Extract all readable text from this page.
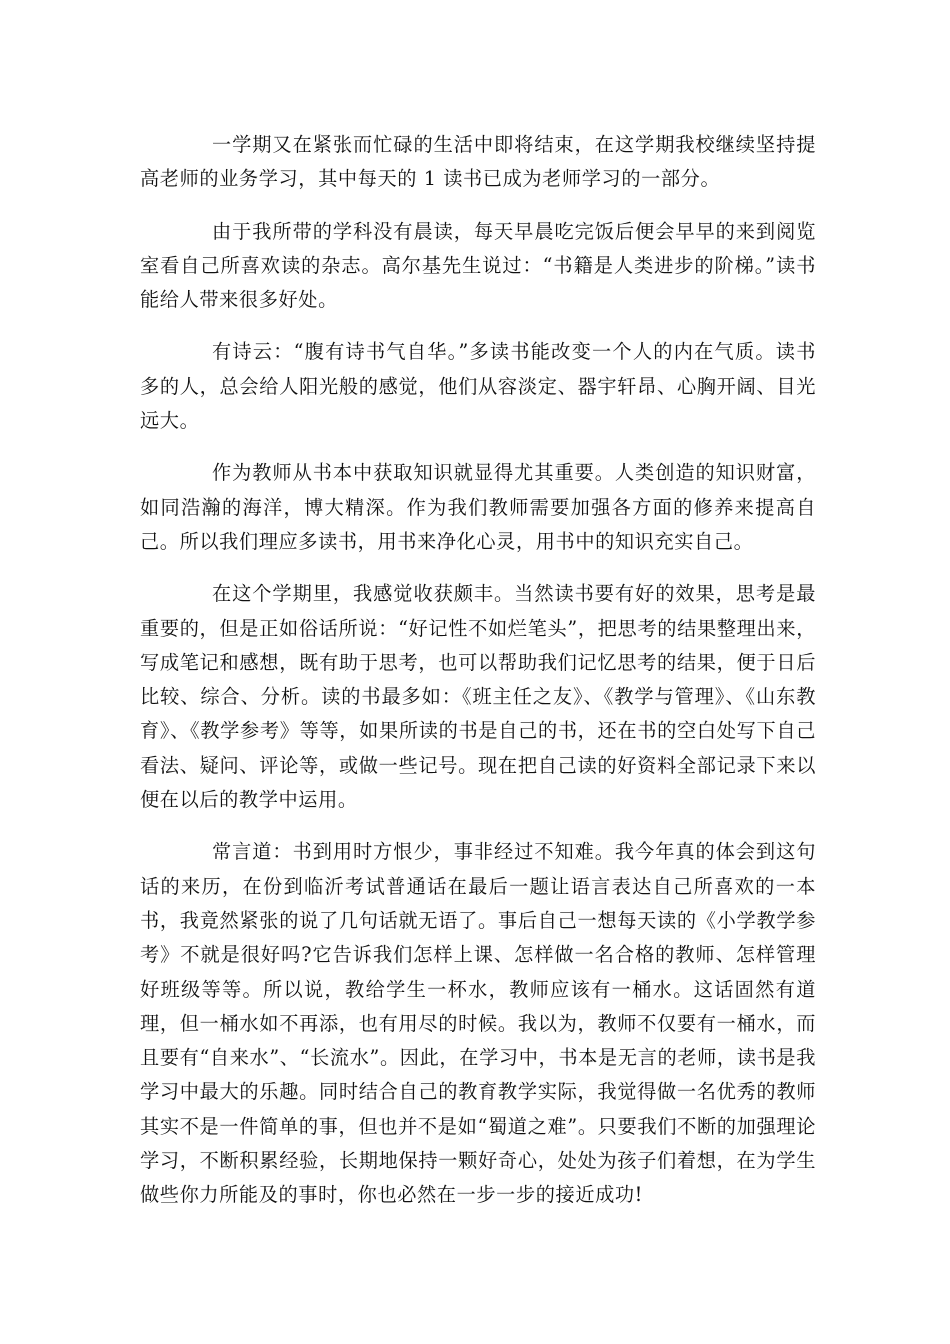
一学期又在紧张而忙碌的生活中即将结束，在这学期我校继续坚持提高老师的业务学习，其中每天的 1 读书已成为老师学习的一部分。

由于我所带的学科没有晨读，每天早晨吃完饭后便会早早的来到阅览室看自己所喜欢读的杂志。高尔基先生说过：“书籍是人类进步的阶梯。”读书能给人带来很多好处。

有诗云：“腹有诗书气自华。”多读书能改变一个人的内在气质。读书多的人，总会给人阳光般的感觉，他们从容淡定、器宇轩昂、心胸开阔、目光远大。

作为教师从书本中获取知识就显得尤其重要。人类创造的知识财富，如同浩瀚的海洋，博大精深。作为我们教师需要加强各方面的修养来提高自己。所以我们理应多读书，用书来净化心灵，用书中的知识充实自己。

在这个学期里，我感觉收获颇丰。当然读书要有好的效果，思考是最重要的，但是正如俗话所说：“好记性不如烂笔头”，把思考的结果整理出来，写成笔记和感想，既有助于思考，也可以帮助我们记忆思考的结果，便于日后比较、综合、分析。读的书最多如：《班主任之友》、《教学与管理》、《山东教育》、《教学参考》等等，如果所读的书是自己的书，还在书的空白处写下自己看法、疑问、评论等，或做一些记号。现在把自己读的好资料全部记录下来以便在以后的教学中运用。

常言道：书到用时方恨少，事非经过不知难。我今年真的体会到这句话的来历，在份到临沂考试普通话在最后一题让语言表达自己所喜欢的一本书，我竟然紧张的说了几句话就无语了。事后自己一想每天读的《小学教学参考》不就是很好吗?它告诉我们怎样上课、怎样做一名合格的教师、怎样管理好班级等等。所以说，教给学生一杯水，教师应该有一桶水。这话固然有道理，但一桶水如不再添，也有用尽的时候。我以为，教师不仅要有一桶水，而且要有“自来水”、“长流水”。因此，在学习中，书本是无言的老师，读书是我学习中最大的乐趣。同时结合自己的教育教学实际，我觉得做一名优秀的教师其实不是一件简单的事，但也并不是如“蜀道之难”。只要我们不断的加强理论学习，不断积累经验，长期地保持一颗好奇心，处处为孩子们着想，在为学生做些你力所能及的事时，你也必然在一步一步的接近成功!
